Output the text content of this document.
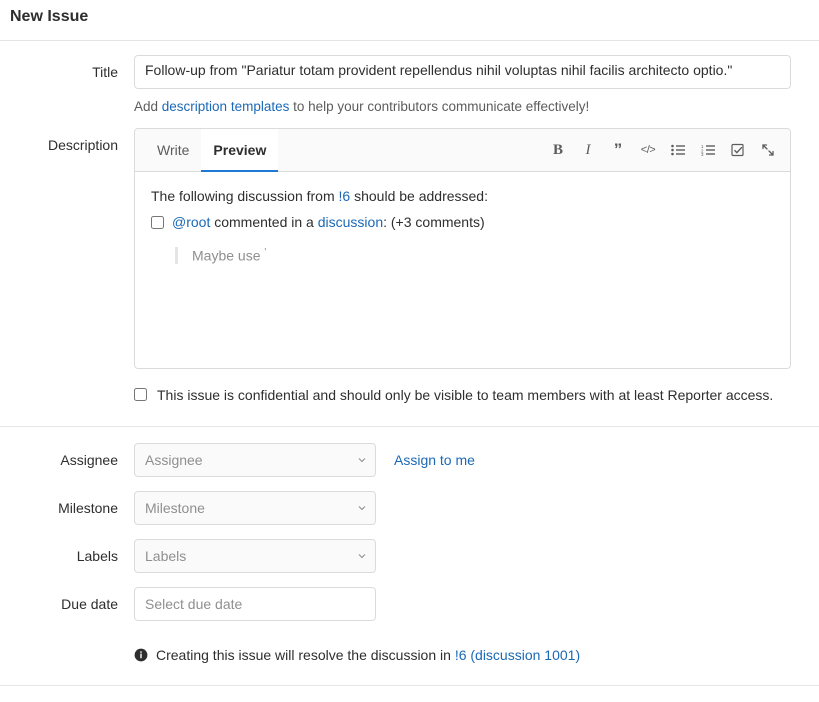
New Issue
Title	Follow-up from "Pariatur totam provident repellendus nihil voluptas nihil facilis architecto optio."
Add description templates to help your contributors communicate effectively!
Description	Write	Preview	B	I	”	</>	1
2
3
The following discussion from !6 should be addressed:
@root commented in a discussion: (+3 comments)
Maybe use '
This issue is confidential and should only be visible to team members with at least Reporter access.
Assignee	Assignee	Assign to me
Milestone	Milestone
Labels	Labels
Due date	Select due date
Creating this issue will resolve the discussion in !6 (discussion 1001)
